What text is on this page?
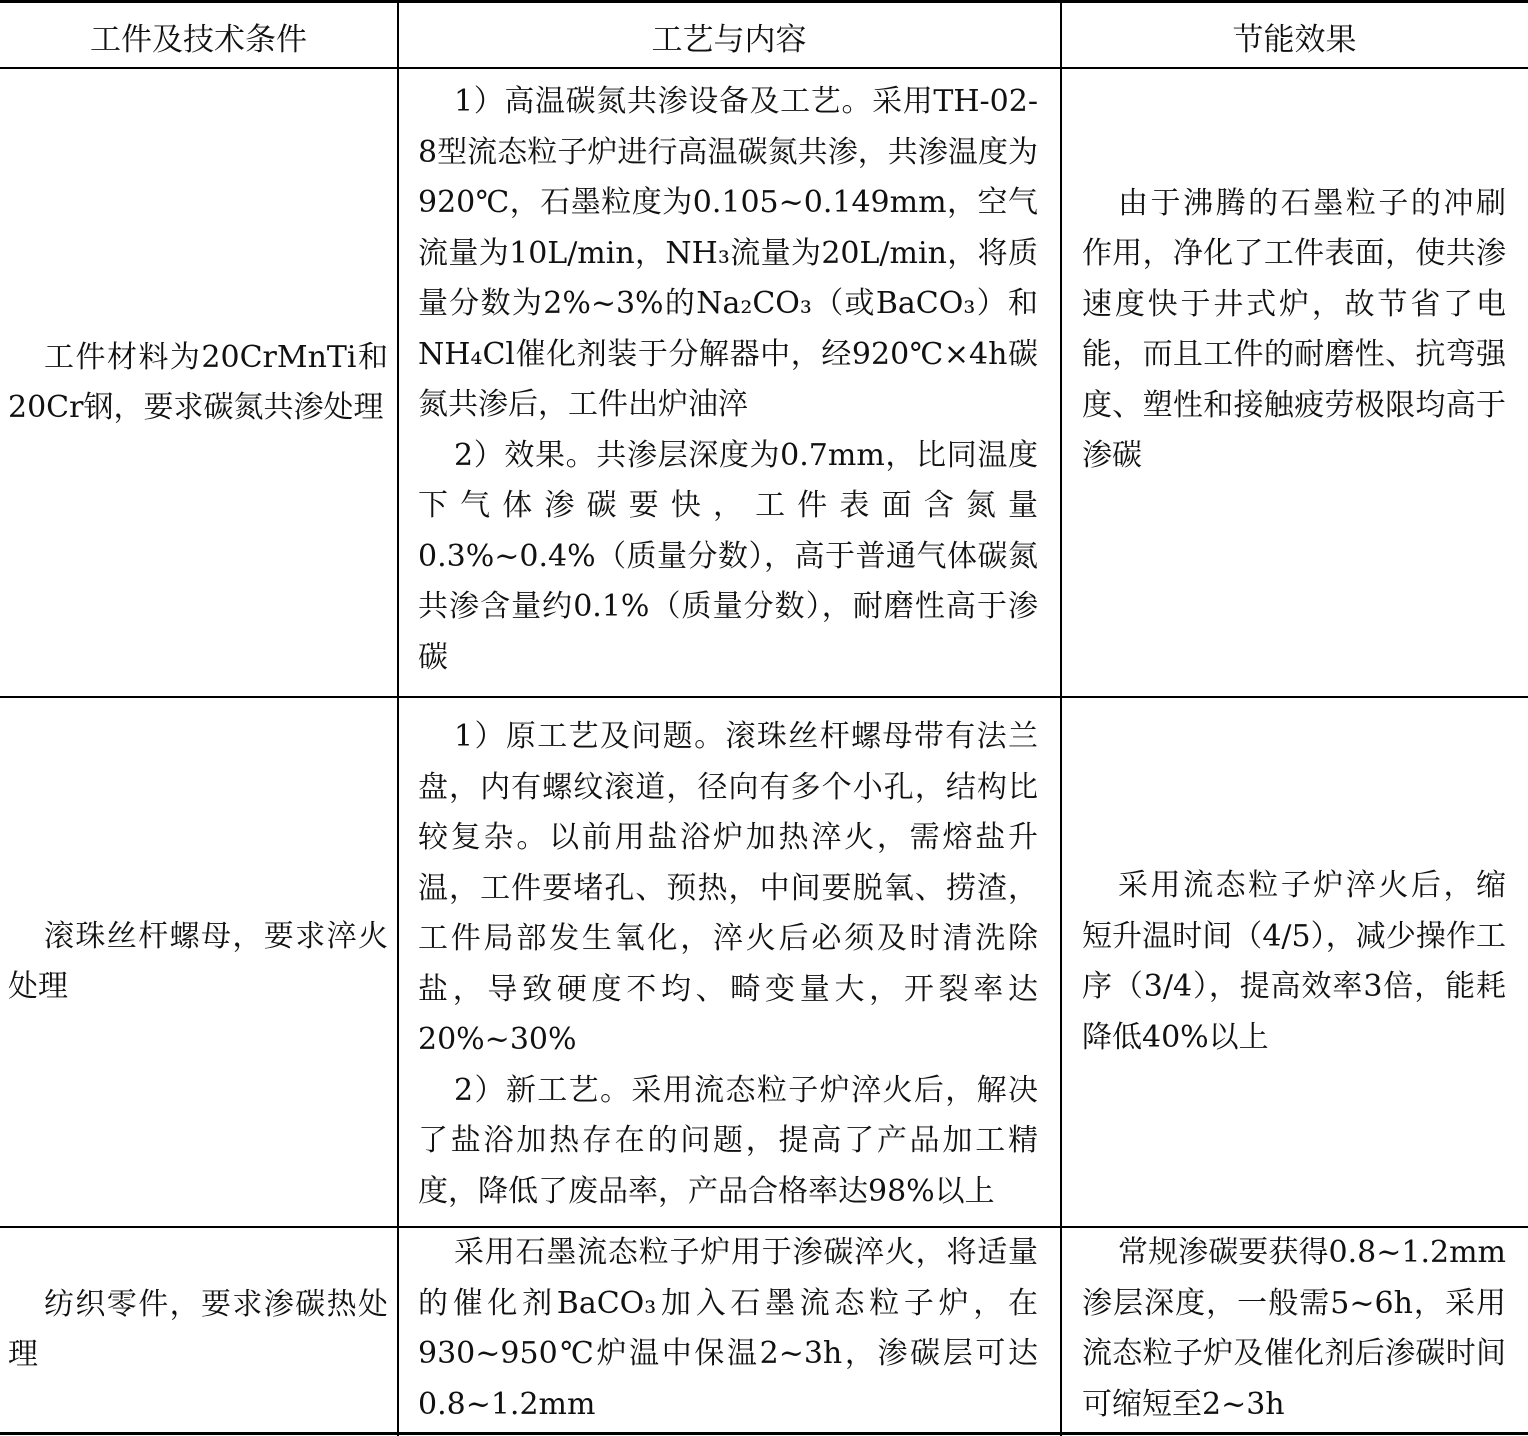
工件及技术条件	工艺与内容	节能效果

工件材料为20CrMnTi和20Cr钢，要求碳氮共渗处理

1）高温碳氮共渗设备及工艺。采用TH-02-8型流态粒子炉进行高温碳氮共渗，共渗温度为920℃，石墨粒度为0.105~0.149mm，空气流量为10L/min，NH₃流量为20L/min，将质量分数为2%~3%的Na₂CO₃（或BaCO₃）和NH₄Cl催化剂装于分解器中，经920℃×4h碳氮共渗后，工件出炉油淬

2）效果。共渗层深度为0.7mm，比同温度下气体渗碳要快，工件表面含氮量0.3%~0.4%（质量分数），高于普通气体碳氮共渗含量约0.1%（质量分数），耐磨性高于渗碳

由于沸腾的石墨粒子的冲刷作用，净化了工件表面，使共渗速度快于井式炉，故节省了电能，而且工件的耐磨性、抗弯强度、塑性和接触疲劳极限均高于渗碳

滚珠丝杆螺母，要求淬火处理

1）原工艺及问题。滚珠丝杆螺母带有法兰盘，内有螺纹滚道，径向有多个小孔，结构比较复杂。以前用盐浴炉加热淬火，需熔盐升温，工件要堵孔、预热，中间要脱氧、捞渣，工件局部发生氧化，淬火后必须及时清洗除盐，导致硬度不均、畸变量大，开裂率达20%~30%

2）新工艺。采用流态粒子炉淬火后，解决了盐浴加热存在的问题，提高了产品加工精度，降低了废品率，产品合格率达98%以上

采用流态粒子炉淬火后，缩短升温时间（4/5），减少操作工序（3/4），提高效率3倍，能耗降低40%以上

纺织零件，要求渗碳热处理

采用石墨流态粒子炉用于渗碳淬火，将适量的催化剂BaCO₃加入石墨流态粒子炉，在930~950℃炉温中保温2~3h，渗碳层可达0.8~1.2mm

常规渗碳要获得0.8~1.2mm渗层深度，一般需5~6h，采用流态粒子炉及催化剂后渗碳时间可缩短至2~3h
